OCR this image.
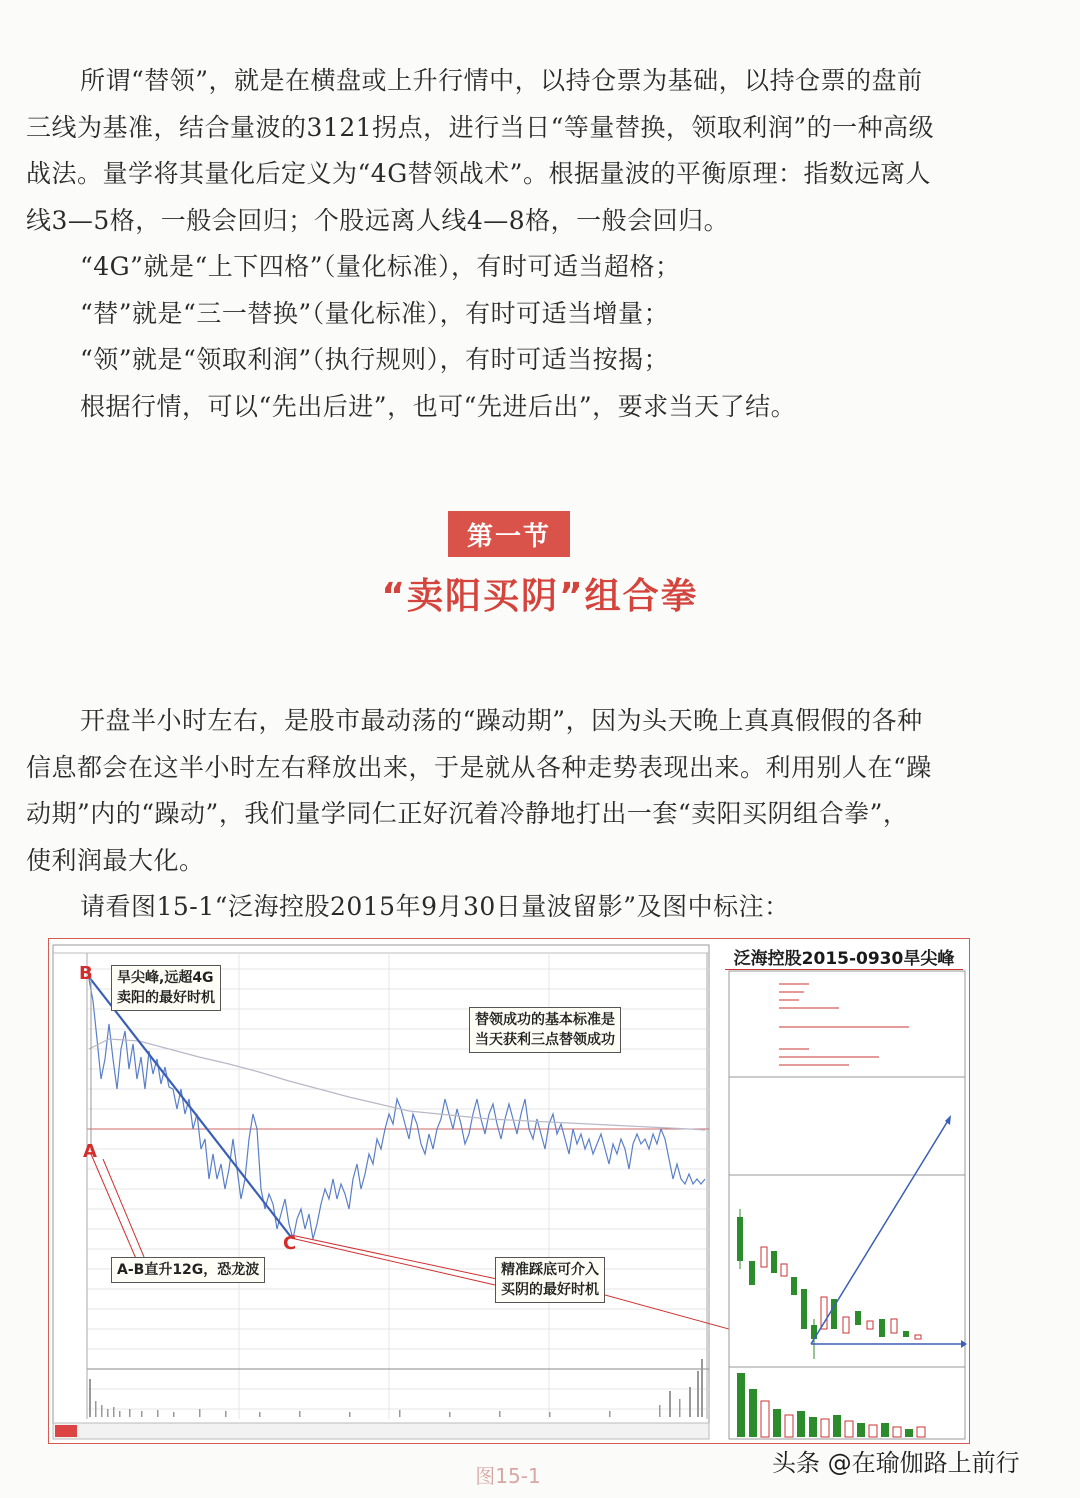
所谓“替领”，就是在横盘或上升行情中，以持仓票为基础，以持仓票的盘前

三线为基准，结合量波的3121拐点，进行当日“等量替换，领取利润”的一种高级

战法。量学将其量化后定义为“4G替领战术”。根据量波的平衡原理：指数远离人

线3—5格，一般会回归；个股远离人线4—8格，一般会回归。

“4G”就是“上下四格”（量化标准），有时可适当超格；

“替”就是“三一替换”（量化标准），有时可适当增量；

“领”就是“领取利润”（执行规则），有时可适当按揭；

根据行情，可以“先出后进”，也可“先进后出”，要求当天了结。

第一节
“卖阳买阴”组合拳

开盘半小时左右，是股市最动荡的“躁动期”，因为头天晚上真真假假的各种

信息都会在这半小时左右释放出来，于是就从各种走势表现出来。利用别人在“躁

动期”内的“躁动”，我们量学同仁正好沉着冷静地打出一套“卖阳买阴组合拳”，

使利润最大化。

请看图15-1“泛海控股2015年9月30日量波留影”及图中标注：

泛海控股2015-0930旱尖峰
B
A
C
旱尖峰,远超4G
卖阳的最好时机
替领成功的基本标准是
当天获利三点替领成功
A-B直升12G，恐龙波	精准踩底可介入
买阴的最好时机
图15-1	头条 @在瑜伽路上前行
